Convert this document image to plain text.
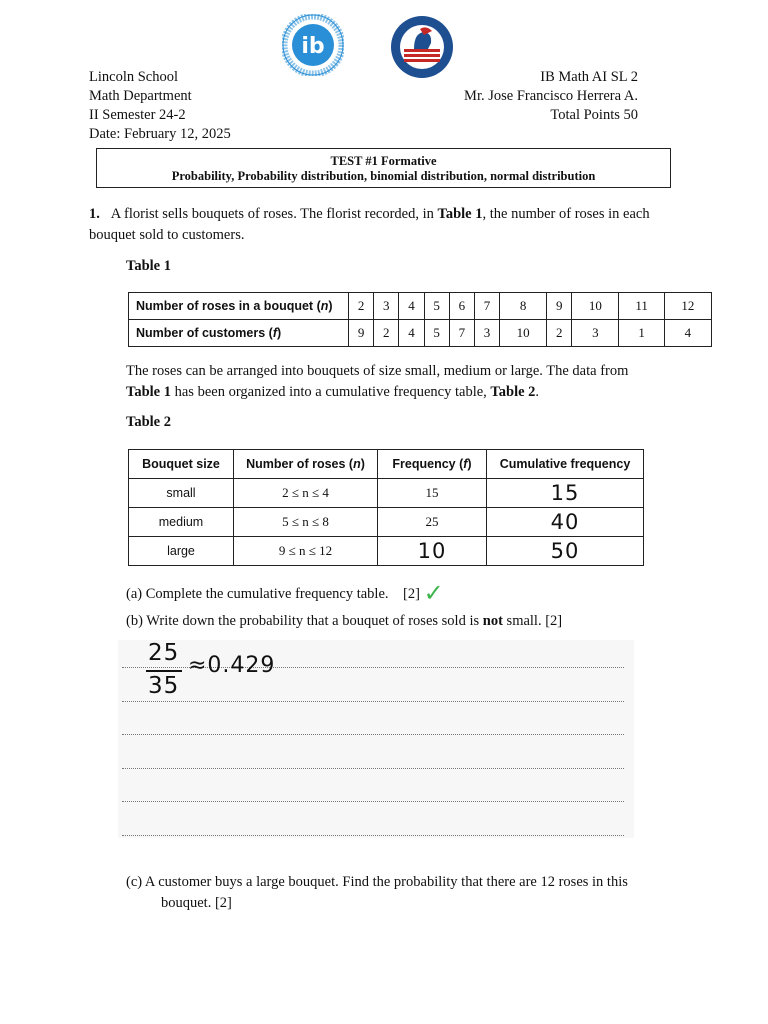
ib
Lincoln School
Math Department
II Semester 24-2
Date: February 12, 2025
IB Math AI SL 2
Mr. Jose Francisco Herrera A.
Total Points 50
TEST #1 Formative
Probability, Probability distribution, binomial distribution, normal distribution
1. A florist sells bouquets of roses. The florist recorded, in Table 1, the number of roses in each
bouquet sold to customers.
Table 1
Number of roses in a bouquet (n)	2	3	4	5	6	7	8	9	10	11	12
Number of customers (f)	9	2	4	5	7	3	10	2	3	1	4
The roses can be arranged into bouquets of size small, medium or large. The data from
Table 1 has been organized into a cumulative frequency table, Table 2.
Table 2
Bouquet size	Number of roses (n)	Frequency (f)	Cumulative frequency
small	2 ≤ n ≤ 4	15	15
medium	5 ≤ n ≤ 8	25	40
large	9 ≤ n ≤ 12	10	50
(a) Complete the cumulative frequency table. [2] ✓
(b) Write down the probability that a bouquet of roses sold is not small. [2]
25
35
≈0.429
(c) A customer buys a large bouquet. Find the probability that there are 12 roses in this
bouquet. [2]
